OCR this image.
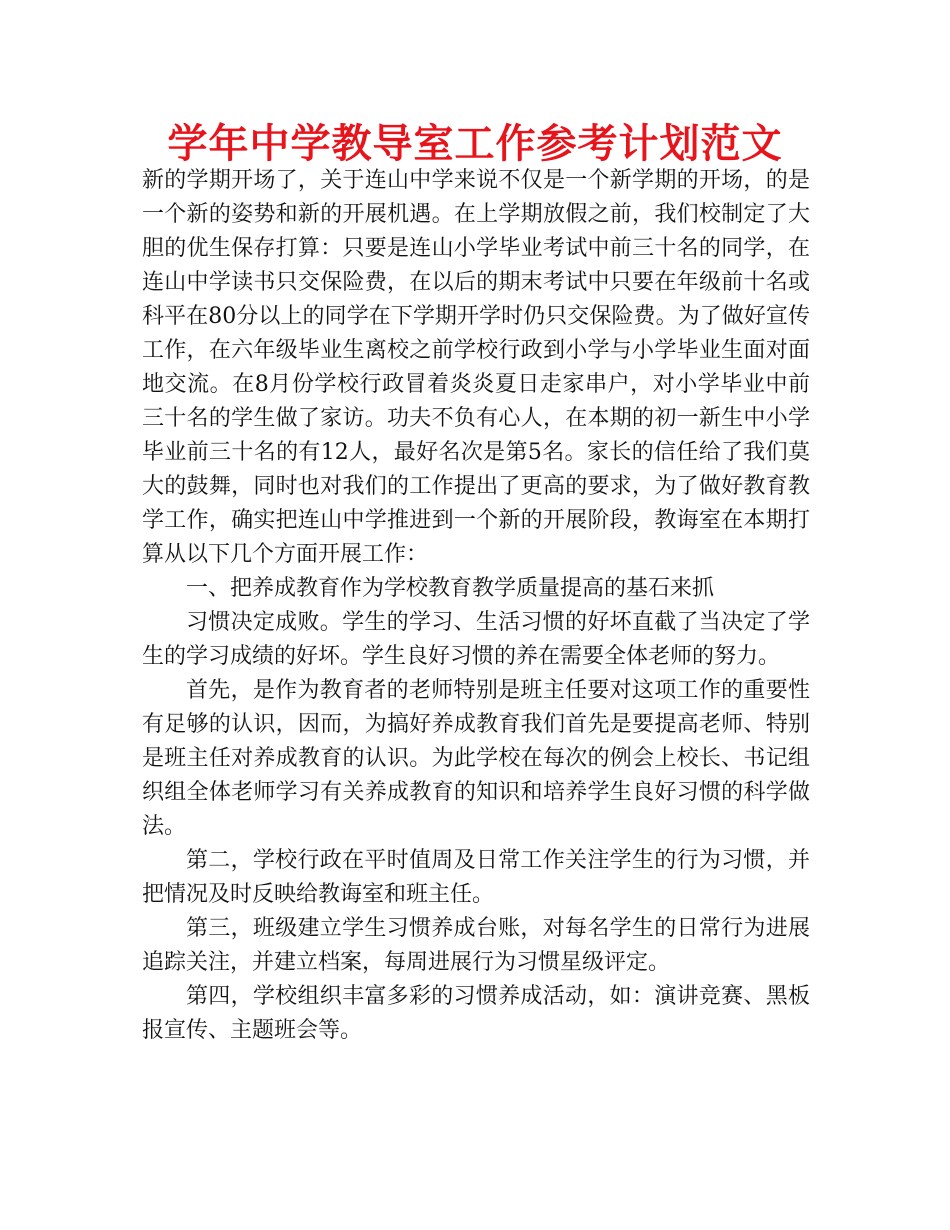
学年中学教导室工作参考计划范文

新的学期开场了，关于连山中学来说不仅是一个新学期的开场，的是一个新的姿势和新的开展机遇。在上学期放假之前，我们校制定了大胆的优生保存打算：只要是连山小学毕业考试中前三十名的同学，在连山中学读书只交保险费，在以后的期末考试中只要在年级前十名或科平在80分以上的同学在下学期开学时仍只交保险费。为了做好宣传工作，在六年级毕业生离校之前学校行政到小学与小学毕业生面对面地交流。在8月份学校行政冒着炎炎夏日走家串户，对小学毕业中前三十名的学生做了家访。功夫不负有心人，在本期的初一新生中小学毕业前三十名的有12人，最好名次是第5名。家长的信任给了我们莫大的鼓舞，同时也对我们的工作提出了更高的要求，为了做好教育教学工作，确实把连山中学推进到一个新的开展阶段，教诲室在本期打算从以下几个方面开展工作：

一、把养成教育作为学校教育教学质量提高的基石来抓

习惯决定成败。学生的学习、生活习惯的好坏直截了当决定了学生的学习成绩的好坏。学生良好习惯的养在需要全体老师的努力。

首先，是作为教育者的老师特别是班主任要对这项工作的重要性有足够的认识，因而，为搞好养成教育我们首先是要提高老师、特别是班主任对养成教育的认识。为此学校在每次的例会上校长、书记组织组全体老师学习有关养成教育的知识和培养学生良好习惯的科学做法。

第二，学校行政在平时值周及日常工作关注学生的行为习惯，并把情况及时反映给教诲室和班主任。

第三，班级建立学生习惯养成台账，对每名学生的日常行为进展追踪关注，并建立档案，每周进展行为习惯星级评定。

第四，学校组织丰富多彩的习惯养成活动，如：演讲竞赛、黑板报宣传、主题班会等。
